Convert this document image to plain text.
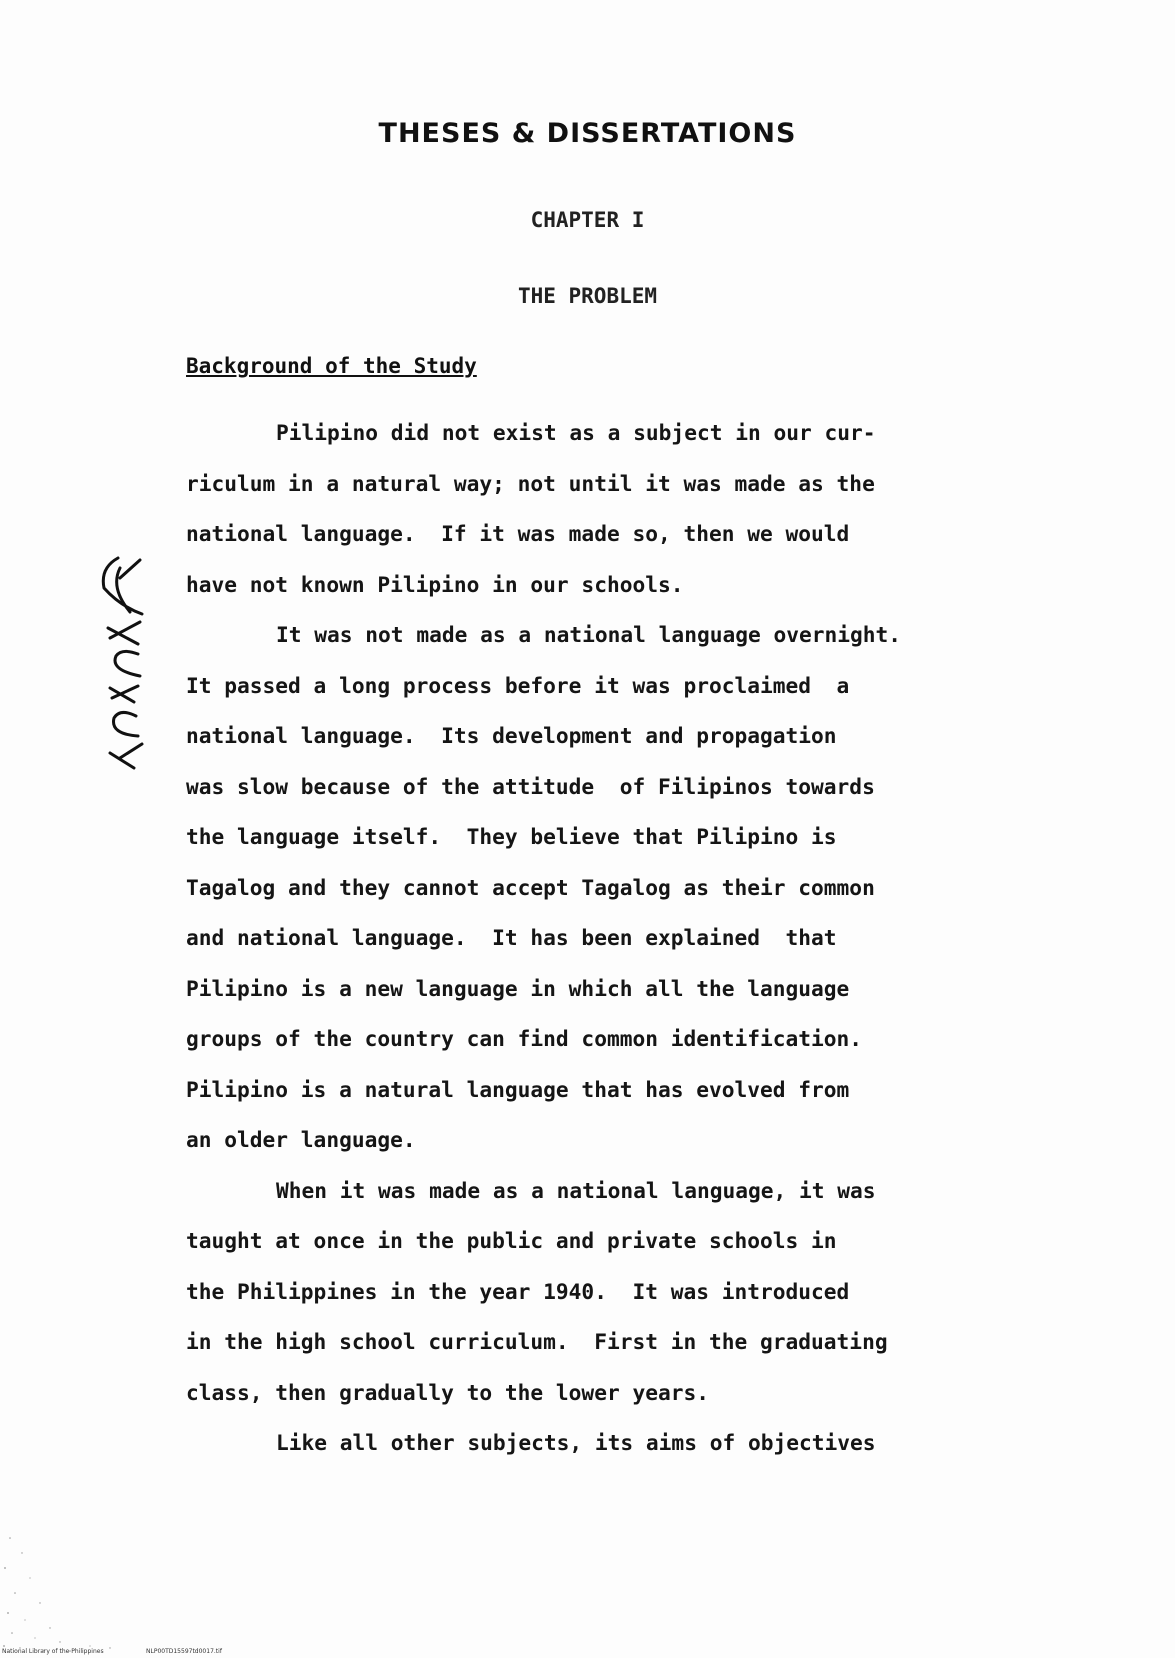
THESES & DISSERTATIONS
CHAPTER I
THE PROBLEM
Background of the Study
Pilipino did not exist as a subject in our cur-
riculum in a natural way; not until it was made as the
national language.  If it was made so, then we would
have not known Pilipino in our schools.
It was not made as a national language overnight.
It passed a long process before it was proclaimed  a
national language.  Its development and propagation
was slow because of the attitude  of Filipinos towards
the language itself.  They believe that Pilipino is
Tagalog and they cannot accept Tagalog as their common
and national language.  It has been explained  that
Pilipino is a new language in which all the language
groups of the country can find common identification.
Pilipino is a natural language that has evolved from
an older language.
When it was made as a national language, it was
taught at once in the public and private schools in
the Philippines in the year 1940.  It was introduced
in the high school curriculum.  First in the graduating
class, then gradually to the lower years.
Like all other subjects, its aims of objectives
National Library of the Philippines	NLP00TD15597td0017.tif
